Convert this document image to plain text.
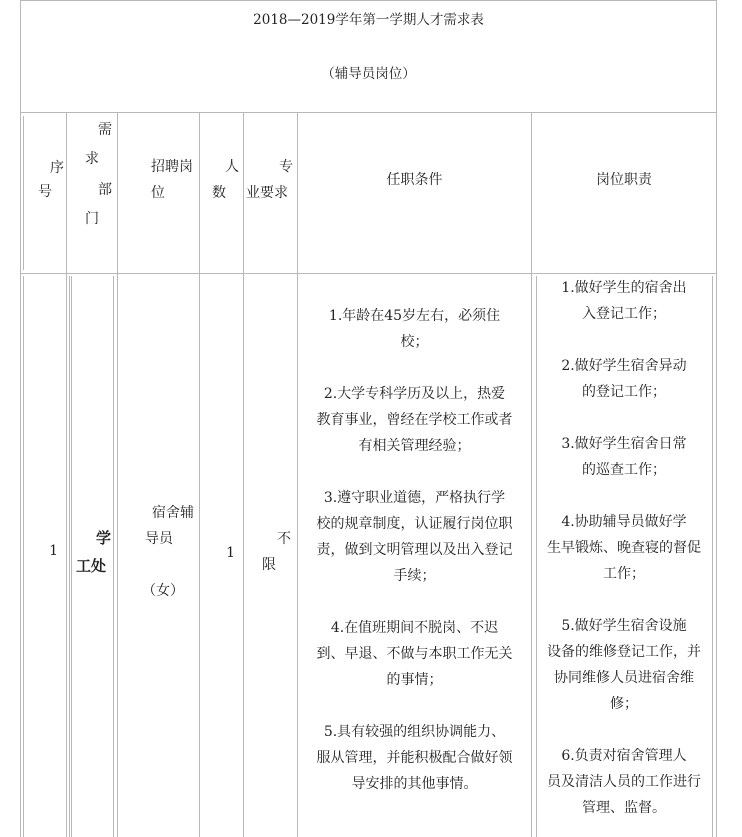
2018—2019学年第一学期人才需求表
（辅导员岗位）
序
号
需
求
部
门
招聘岗
位
人
数
专
业要求
任职条件	岗位职责
1
学
工处
宿舍辅
导员
（女）
1
不
限
1.年龄在45岁左右，必须住
校；
2.大学专科学历及以上，热爱
教育事业，曾经在学校工作或者
有相关管理经验；
3.遵守职业道德，严格执行学
校的规章制度，认证履行岗位职
责，做到文明管理以及出入登记
手续；
4.在值班期间不脱岗、不迟
到、早退、不做与本职工作无关
的事情；
5.具有较强的组织协调能力、
服从管理，并能积极配合做好领
导安排的其他事情。
1.做好学生的宿舍出
入登记工作；
2.做好学生宿舍异动
的登记工作；
3.做好学生宿舍日常
的巡查工作；
4.协助辅导员做好学
生早锻炼、晚查寝的督促
工作；
5.做好学生宿舍设施
设备的维修登记工作，并
协同维修人员进宿舍维
修；
6.负责对宿舍管理人
员及清洁人员的工作进行
管理、监督。
